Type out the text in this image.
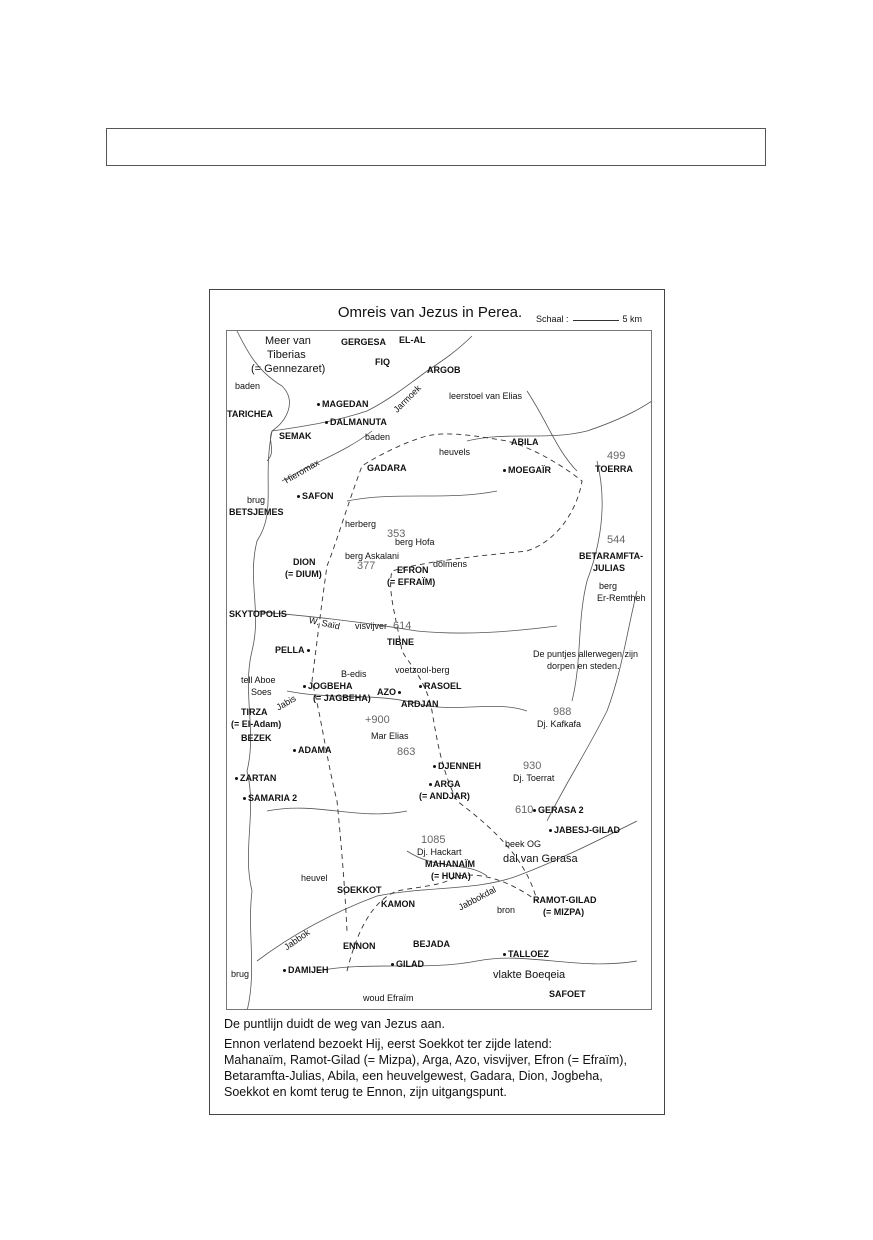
Omreis van Jezus in Perea.	Schaal :	5 km
Meer van
Tiberias
(= Gennezaret)
GERGESA EL-AL
FIQ
ARGOB
baden	Jarmoek	leerstoel van Elias
TARICHEA
MAGEDAN
DALMANUTA
SEMAK	baden	ABILA
heuvels
Hieromax	GADARA	MOEGAÏR
499
TOERRA
brug	SAFON
BETSJEMES
herberg
353
berg Hofa	544
BETARAMFTA-
JULIAS
berg Askalani
dolmens
DION
(= DIUM)
377 EFRON
(= EFRAÏM)	berg
Er-Remtheh
SKYTOPOLIS
W. Saïd visvijver 614
TIBNE
PELLA	De puntjes allerwegen zijn
dorpen en steden.
B-edis	voetzool-berg
tell Aboe
JOGBEHA	RASOEL
Soes	AZO
(= JAGBEHA)
Jabis	ARDJAN
TIRZA	988
(= El-Adam)	+900	Dj. Kafkafa
Mar Elias
BEZEK
ADAMA	863
DJENNEH	930
Dj. Toerrat
ZARTAN
ARGA
(= ANDJAR)
SAMARIA 2
610 GERASA 2
JABESJ-GILAD
1085	beek OG
Dj. Hackart
dal van Gerasa
MAHANAÏM
(= HUNA)
heuvel
SOEKKOT	Jabbokdal	RAMOT-GILAD
KAMON
bron	(= MIZPA)
Jabbok	ENNON	BEJADA
TALLOEZ
GILAD
DAMIJEH
brug	vlakte Boeqeia
SAFOET
woud Efraïm
De puntlijn duidt de weg van Jezus aan.
Ennon verlatend bezoekt Hij, eerst Soekkot ter zijde latend:
Mahanaïm, Ramot-Gilad (= Mizpa), Arga, Azo, visvijver, Efron (= Efraïm),
Betaramfta-Julias, Abila, een heuvelgewest, Gadara, Dion, Jogbeha,
Soekkot en komt terug te Ennon, zijn uitgangspunt.
